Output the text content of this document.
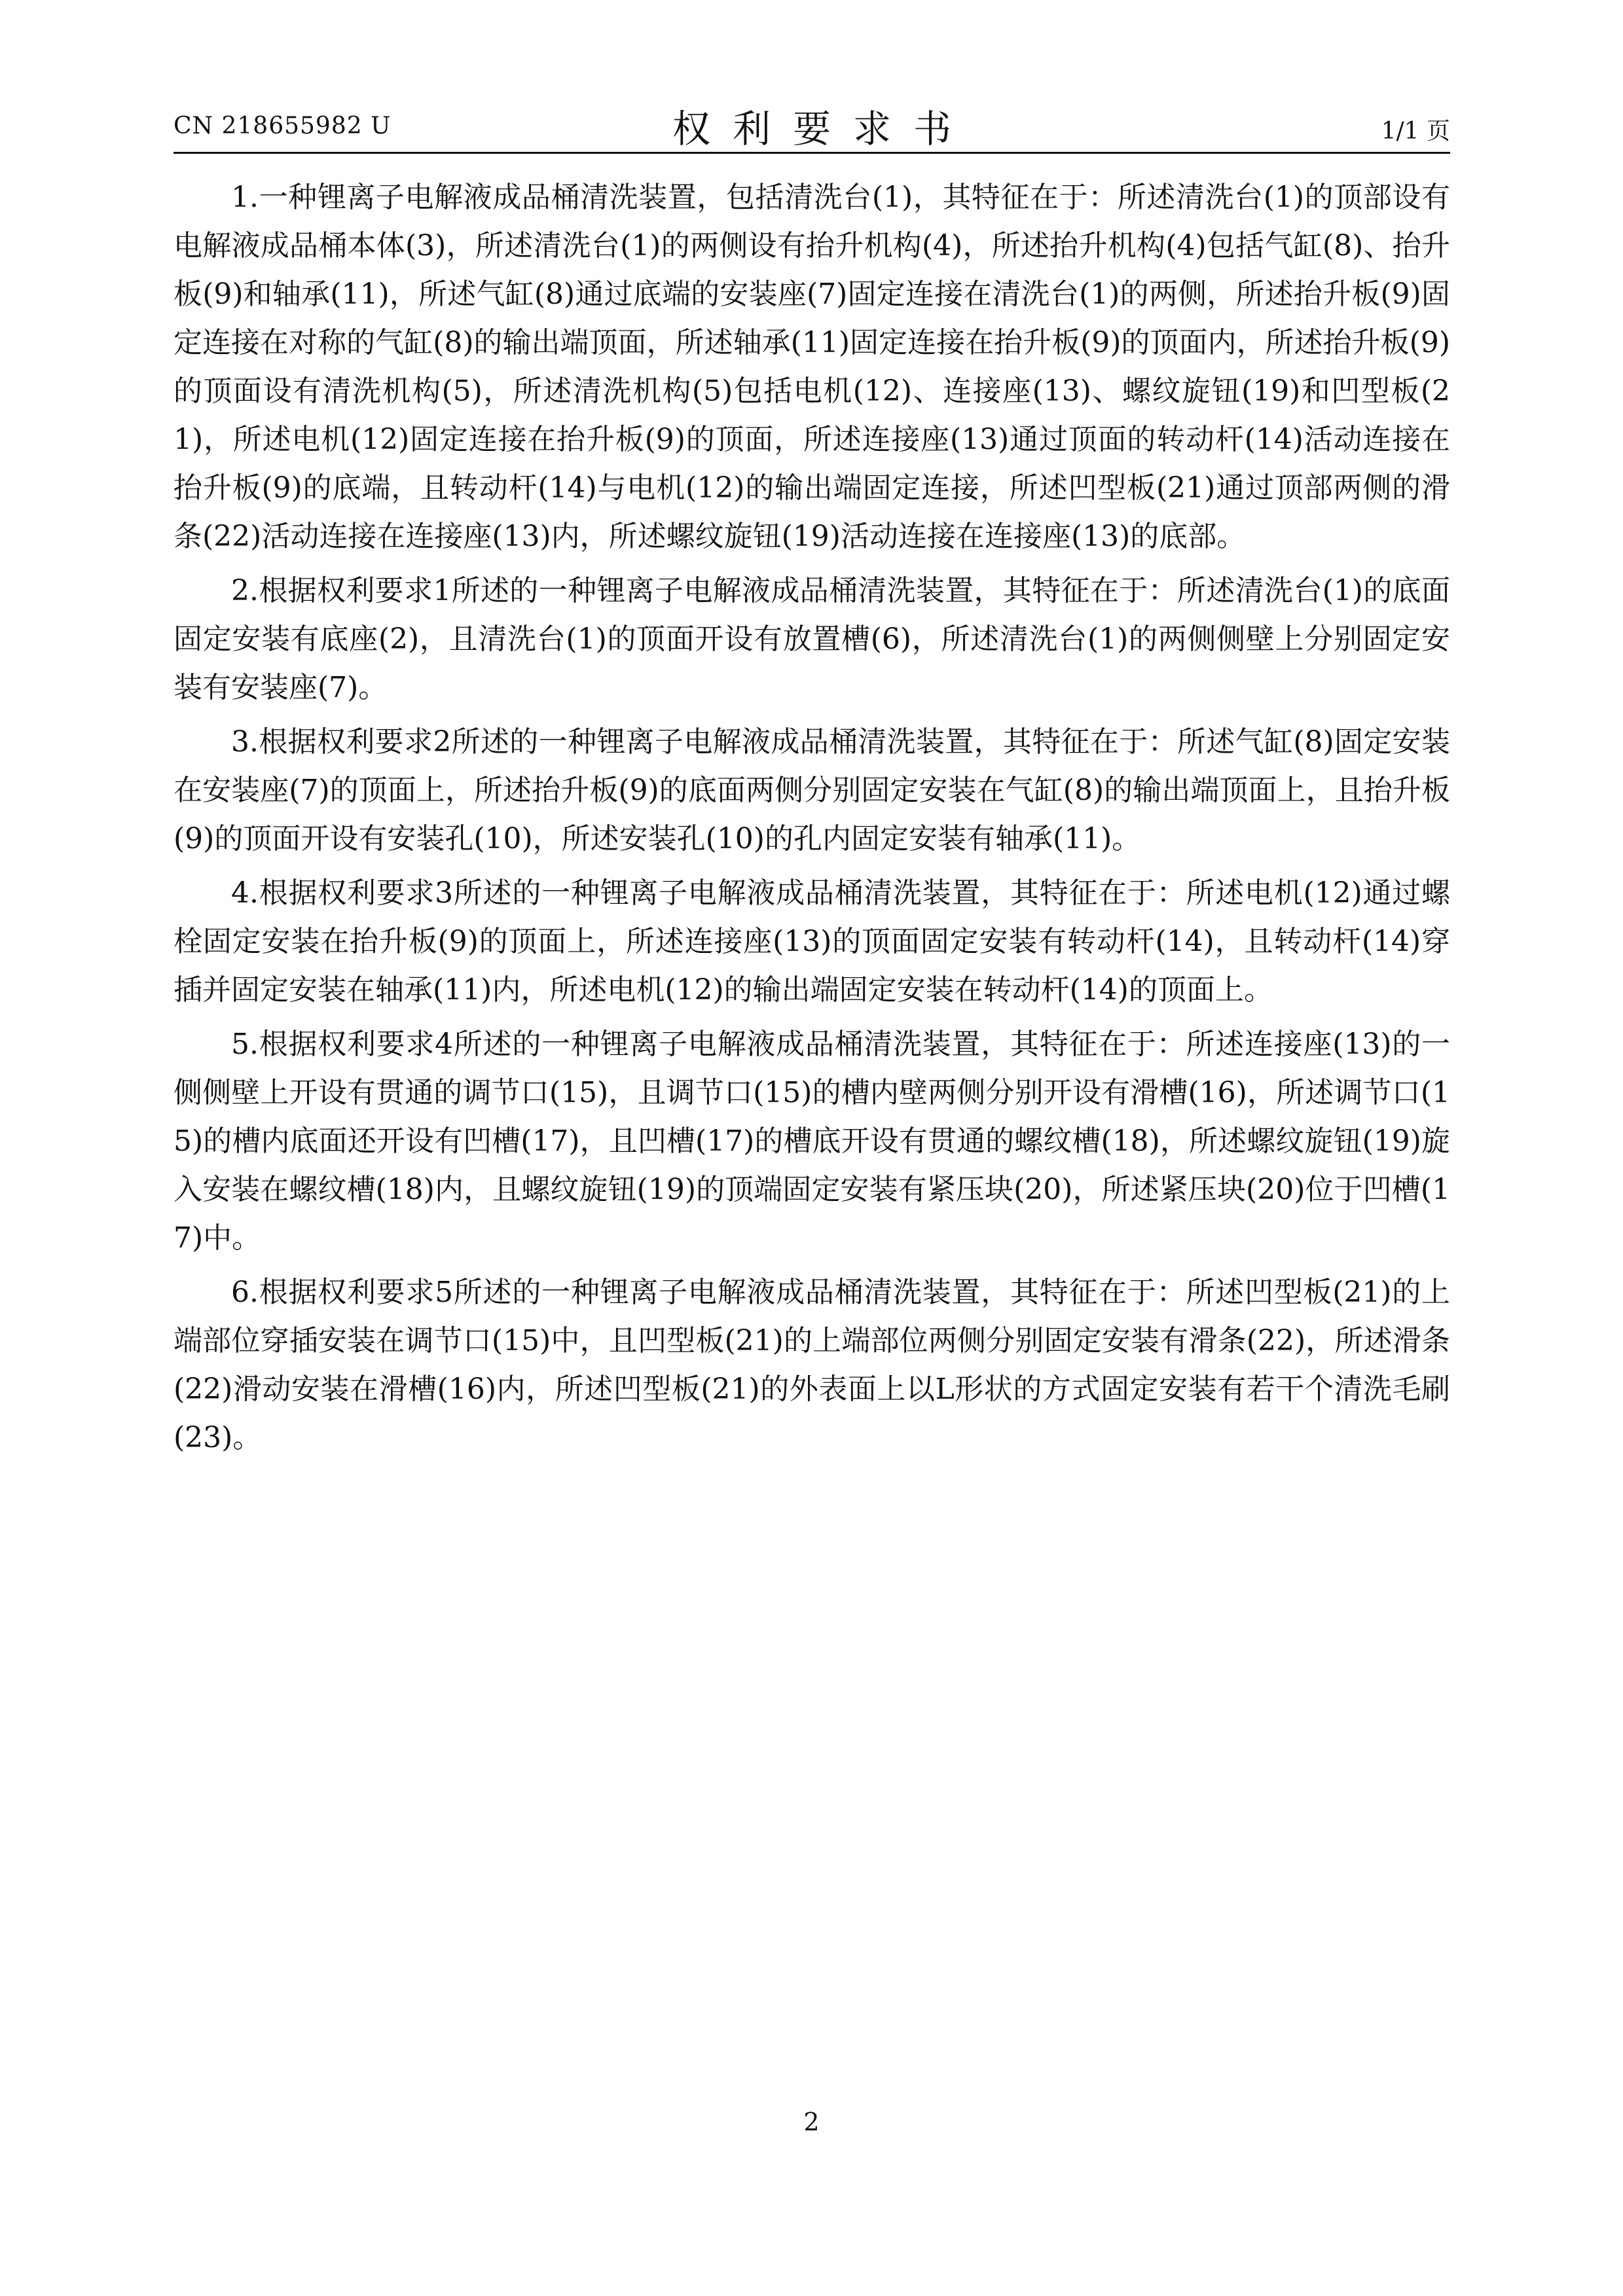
CN 218655982 U	权利要求书	1/1 页

1.一种锂离子电解液成品桶清洗装置，包括清洗台(1)，其特征在于：所述清洗台(1)的顶部设有电解液成品桶本体(3)，所述清洗台(1)的两侧设有抬升机构(4)，所述抬升机构(4)包括气缸(8)、抬升板(9)和轴承(11)，所述气缸(8)通过底端的安装座(7)固定连接在清洗台(1)的两侧，所述抬升板(9)固定连接在对称的气缸(8)的输出端顶面，所述轴承(11)固定连接在抬升板(9)的顶面内，所述抬升板(9)的顶面设有清洗机构(5)，所述清洗机构(5)包括电机(12)、连接座(13)、螺纹旋钮(19)和凹型板(21)，所述电机(12)固定连接在抬升板(9)的顶面，所述连接座(13)通过顶面的转动杆(14)活动连接在抬升板(9)的底端，且转动杆(14)与电机(12)的输出端固定连接，所述凹型板(21)通过顶部两侧的滑条(22)活动连接在连接座(13)内，所述螺纹旋钮(19)活动连接在连接座(13)的底部。

2.根据权利要求1所述的一种锂离子电解液成品桶清洗装置，其特征在于：所述清洗台(1)的底面固定安装有底座(2)，且清洗台(1)的顶面开设有放置槽(6)，所述清洗台(1)的两侧侧壁上分别固定安装有安装座(7)。

3.根据权利要求2所述的一种锂离子电解液成品桶清洗装置，其特征在于：所述气缸(8)固定安装在安装座(7)的顶面上，所述抬升板(9)的底面两侧分别固定安装在气缸(8)的输出端顶面上，且抬升板(9)的顶面开设有安装孔(10)，所述安装孔(10)的孔内固定安装有轴承(11)。

4.根据权利要求3所述的一种锂离子电解液成品桶清洗装置，其特征在于：所述电机(12)通过螺栓固定安装在抬升板(9)的顶面上，所述连接座(13)的顶面固定安装有转动杆(14)，且转动杆(14)穿插并固定安装在轴承(11)内，所述电机(12)的输出端固定安装在转动杆(14)的顶面上。

5.根据权利要求4所述的一种锂离子电解液成品桶清洗装置，其特征在于：所述连接座(13)的一侧侧壁上开设有贯通的调节口(15)，且调节口(15)的槽内壁两侧分别开设有滑槽(16)，所述调节口(15)的槽内底面还开设有凹槽(17)，且凹槽(17)的槽底开设有贯通的螺纹槽(18)，所述螺纹旋钮(19)旋入安装在螺纹槽(18)内，且螺纹旋钮(19)的顶端固定安装有紧压块(20)，所述紧压块(20)位于凹槽(17)中。

6.根据权利要求5所述的一种锂离子电解液成品桶清洗装置，其特征在于：所述凹型板(21)的上端部位穿插安装在调节口(15)中，且凹型板(21)的上端部位两侧分别固定安装有滑条(22)，所述滑条(22)滑动安装在滑槽(16)内，所述凹型板(21)的外表面上以L形状的方式固定安装有若干个清洗毛刷(23)。

2
